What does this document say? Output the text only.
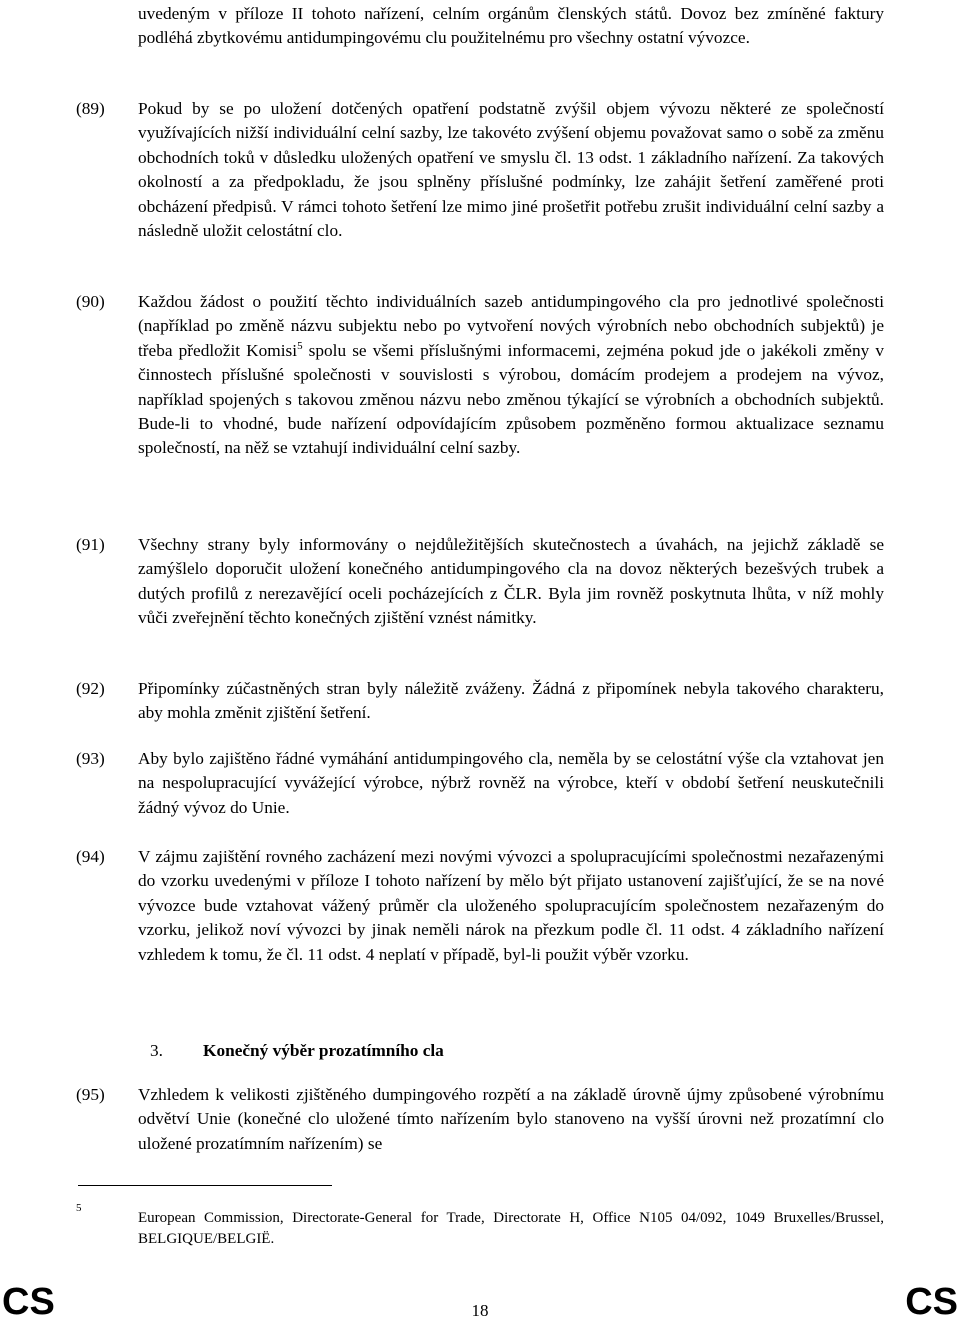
uvedeným v příloze II tohoto nařízení, celním orgánům členských států. Dovoz bez zmíněné faktury podléhá zbytkovému antidumpingovému clu použitelnému pro všechny ostatní vývozce.
(89) Pokud by se po uložení dotčených opatření podstatně zvýšil objem vývozu některé ze společností využívajících nižší individuální celní sazby, lze takovéto zvýšení objemu považovat samo o sobě za změnu obchodních toků v důsledku uložených opatření ve smyslu čl. 13 odst. 1 základního nařízení. Za takových okolností a za předpokladu, že jsou splněny příslušné podmínky, lze zahájit šetření zaměřené proti obcházení předpisů. V rámci tohoto šetření lze mimo jiné prošetřit potřebu zrušit individuální celní sazby a následně uložit celostátní clo.
(90) Každou žádost o použití těchto individuálních sazeb antidumpingového cla pro jednotlivé společnosti (například po změně názvu subjektu nebo po vytvoření nových výrobních nebo obchodních subjektů) je třeba předložit Komisi$^5$ spolu se všemi příslušnými informacemi, zejména pokud jde o jakékoli změny v činnostech příslušné společnosti v souvislosti s výrobou, domácím prodejem a prodejem na vývoz, například spojených s takovou změnou názvu nebo změnou týkající se výrobních a obchodních subjektů. Bude-li to vhodné, bude nařízení odpovídajícím způsobem pozměněno formou aktualizace seznamu společností, na něž se vztahují individuální celní sazby.
(91) Všechny strany byly informovány o nejdůležitějších skutečnostech a úvahách, na jejichž základě se zamýšlelo doporučit uložení konečného antidumpingového cla na dovoz některých bezešvých trubek a dutých profilů z nerezavějící oceli pocházejících z ČLR. Byla jim rovněž poskytnuta lhůta, v níž mohly vůči zveřejnění těchto konečných zjištění vznést námitky.
(92) Připomínky zúčastněných stran byly náležitě zváženy. Žádná z připomínek nebyla takového charakteru, aby mohla změnit zjištění šetření.
(93) Aby bylo zajištěno řádné vymáhání antidumpingového cla, neměla by se celostátní výše cla vztahovat jen na nespolupracující vyvážející výrobce, nýbrž rovněž na výrobce, kteří v období šetření neuskutečnili žádný vývoz do Unie.
(94) V zájmu zajištění rovného zacházení mezi novými vývozci a spolupracujícími společnostmi nezařazenými do vzorku uvedenými v příloze I tohoto nařízení by mělo být přijato ustanovení zajišťující, že se na nové vývozce bude vztahovat vážený průměr cla uloženého spolupracujícím společnostem nezařazeným do vzorku, jelikož noví vývozci by jinak neměli nárok na přezkum podle čl. 11 odst. 4 základního nařízení vzhledem k tomu, že čl. 11 odst. 4 neplatí v případě, byl-li použit výběr vzorku.
3. Konečný výběr prozatímního cla
(95) Vzhledem k velikosti zjištěného dumpingového rozpětí a na základě úrovně újmy způsobené výrobnímu odvětví Unie (konečné clo uložené tímto nařízením bylo stanoveno na vyšší úrovni než prozatímní clo uložené prozatímním nařízením) se
5
European Commission, Directorate-General for Trade, Directorate H, Office N105 04/092, 1049 Bruxelles/Brussel, BELGIQUE/BELGIË.
CS	18	CS
